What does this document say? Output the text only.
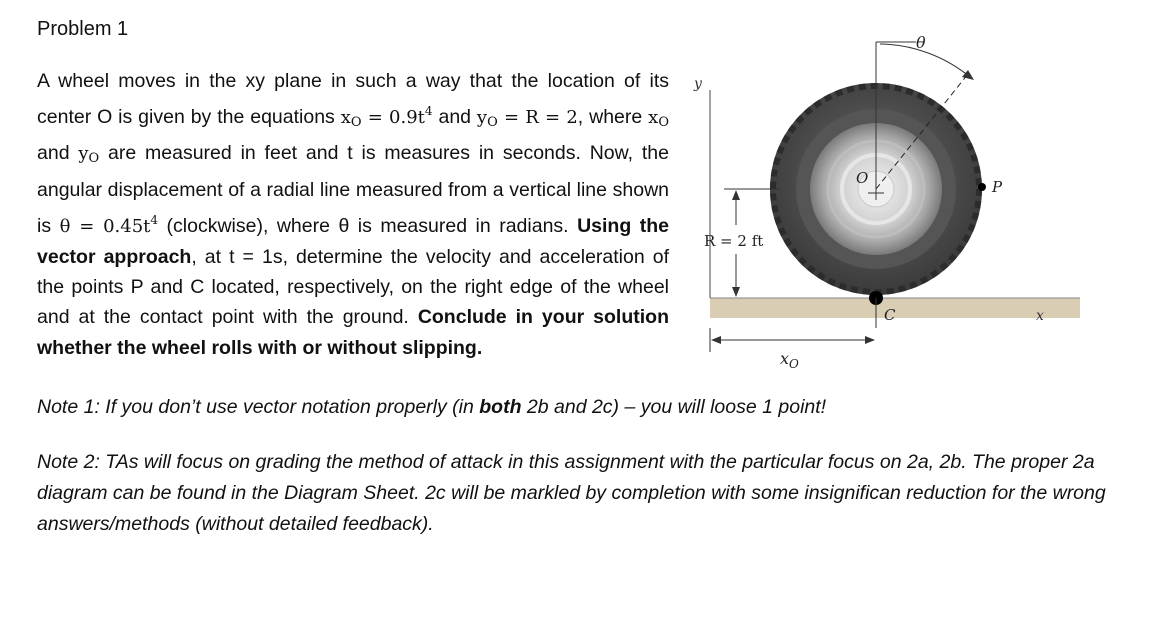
Problem 1
A wheel moves in the xy plane in such a way that the location of its center O is given by the equations $x_O = 0.9t^4$ and $y_O = R = 2$, where $x_O$ and $y_O$ are measured in feet and t is measures in seconds. Now, the angular displacement of a radial line measured from a vertical line shown is $\theta = 0.45t^4$ (clockwise), where θ is measured in radians. Using the vector approach, at t = 1s, determine the velocity and acceleration of the points P and C located, respectively, on the right edge of the wheel and at the contact point with the ground. Conclude in your solution whether the wheel rolls with or without slipping.
y
x
θ
O	P
C
R = 2 ft
$x_O$
Note 1: If you don’t use vector notation properly (in both 2b and 2c) – you will loose 1 point!
Note 2: TAs will focus on grading the method of attack in this assignment with the particular focus on 2a, 2b. The proper 2a diagram can be found in the Diagram Sheet. 2c will be markled by completion with some insignifican reduction for the wrong answers/methods (without detailed feedback).
